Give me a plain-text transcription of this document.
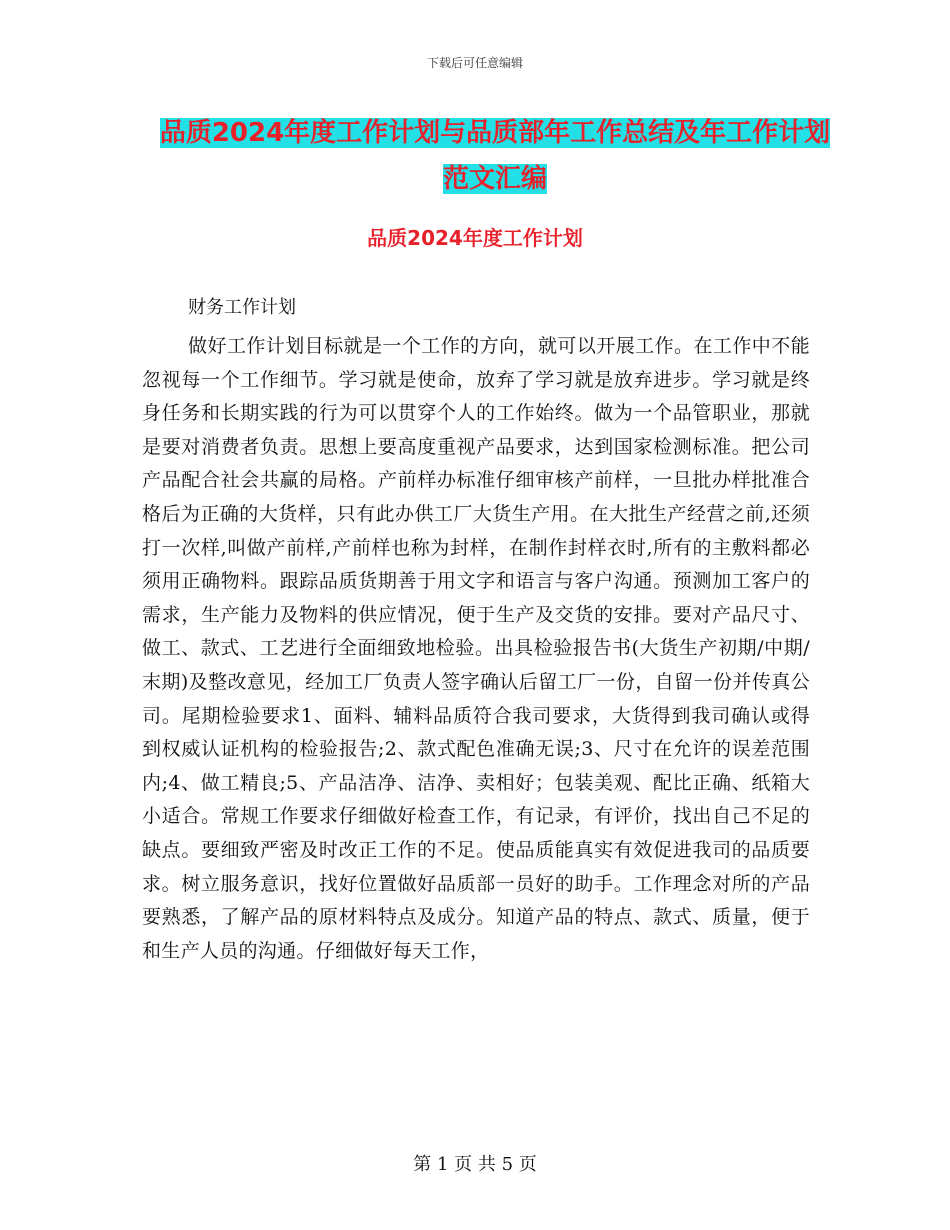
下载后可任意编辑
品质2024年度工作计划与品质部年工作总结及年工作计划范文汇编
品质2024年度工作计划
财务工作计划

做好工作计划目标就是一个工作的方向，就可以开展工作。在工作中不能忽视每一个工作细节。学习就是使命，放弃了学习就是放弃进步。学习就是终身任务和长期实践的行为可以贯穿个人的工作始终。做为一个品管职业，那就是要对消费者负责。思想上要高度重视产品要求，达到国家检测标准。把公司产品配合社会共赢的局格。产前样办标准仔细审核产前样，一旦批办样批准合格后为正确的大货样，只有此办供工厂大货生产用。在大批生产经营之前,还须打一次样,叫做产前样,产前样也称为封样，在制作封样衣时,所有的主敷料都必须用正确物料。跟踪品质货期善于用文字和语言与客户沟通。预测加工客户的需求，生产能力及物料的供应情况，便于生产及交货的安排。要对产品尺寸、做工、款式、工艺进行全面细致地检验。出具检验报告书(大货生产初期/中期/末期)及整改意见，经加工厂负责人签字确认后留工厂一份，自留一份并传真公司。尾期检验要求1、面料、辅料品质符合我司要求，大货得到我司确认或得到权威认证机构的检验报告;2、款式配色准确无误;3、尺寸在允许的误差范围内;4、做工精良;5、产品洁净、洁净、卖相好；包装美观、配比正确、纸箱大小适合。常规工作要求仔细做好检查工作，有记录，有评价，找出自己不足的缺点。要细致严密及时改正工作的不足。使品质能真实有效促进我司的品质要求。树立服务意识，找好位置做好品质部一员好的助手。工作理念对所的产品要熟悉，了解产品的原材料特点及成分。知道产品的特点、款式、质量，便于和生产人员的沟通。仔细做好每天工作，

第 1 页 共 5 页
